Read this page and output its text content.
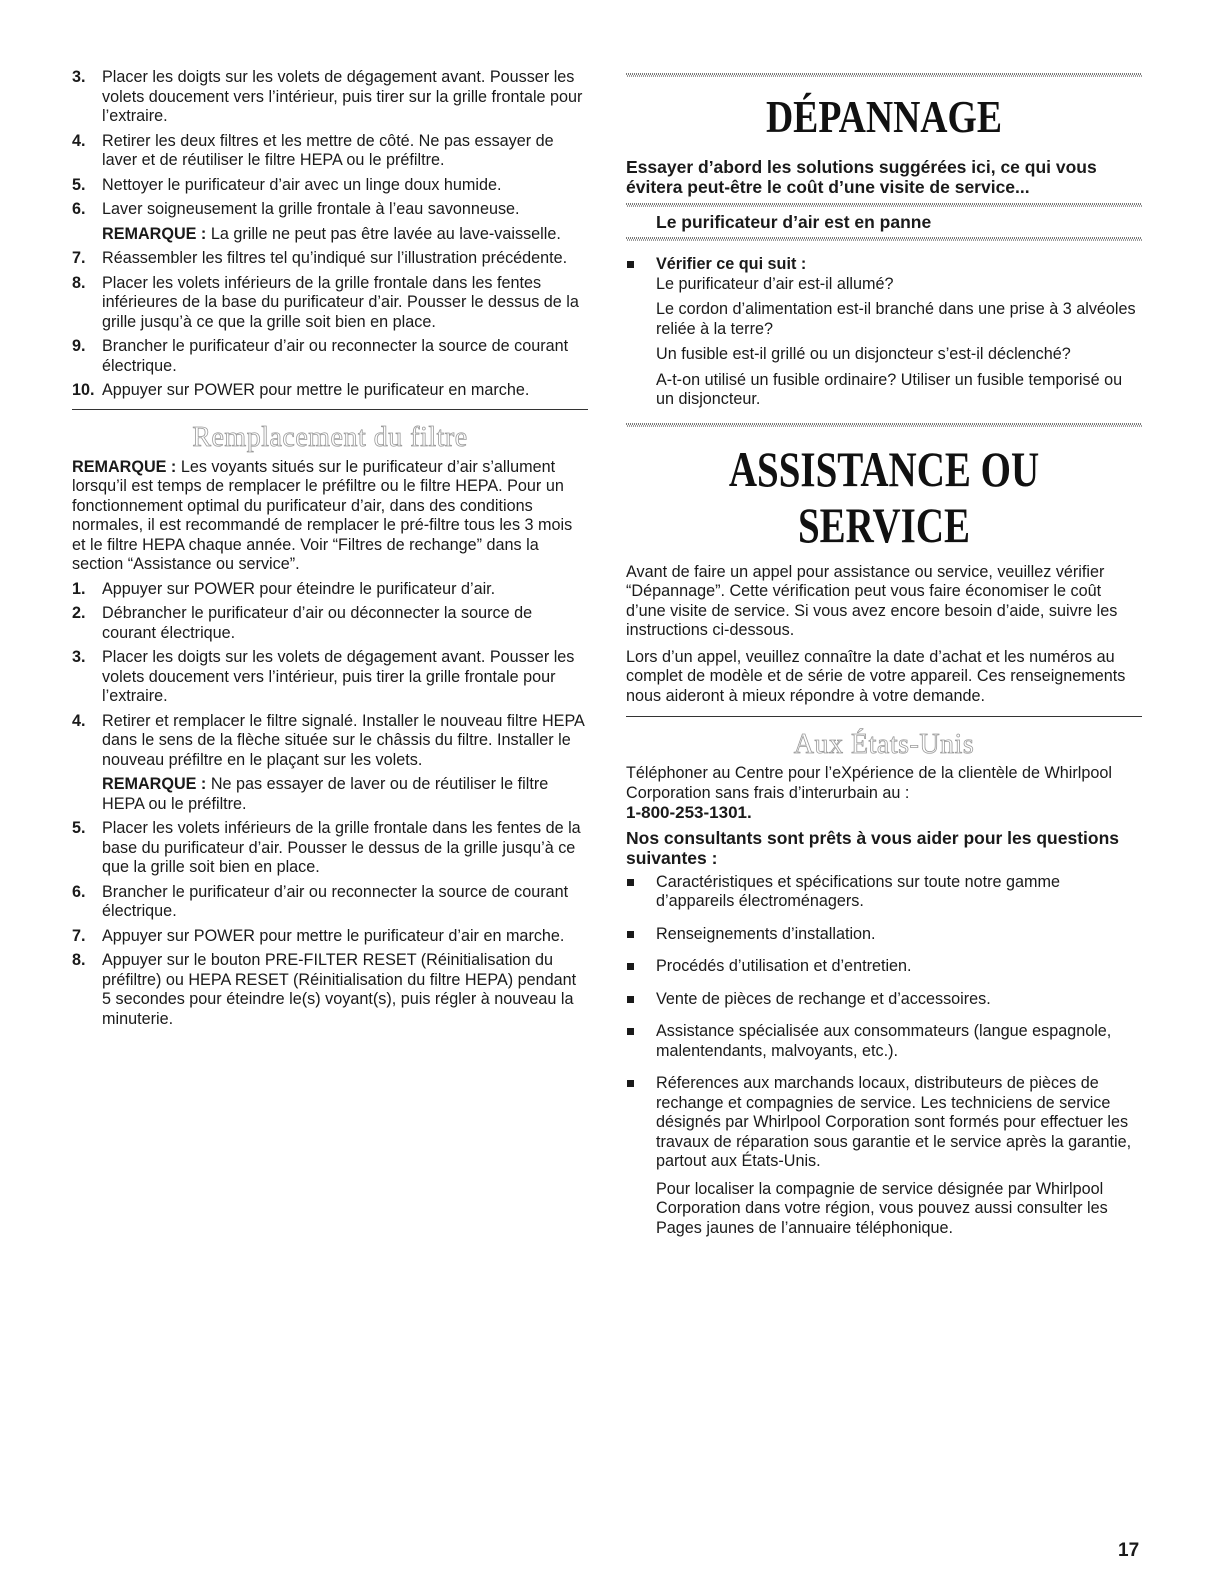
3. Placer les doigts sur les volets de dégagement avant. Pousser les volets doucement vers l’intérieur, puis tirer sur la grille frontale pour l’extraire.
4. Retirer les deux filtres et les mettre de côté. Ne pas essayer de laver et de réutiliser le filtre HEPA ou le préfiltre.
5. Nettoyer le purificateur d’air avec un linge doux humide.
6. Laver soigneusement la grille frontale à l’eau savonneuse.
REMARQUE : La grille ne peut pas être lavée au lave-vaisselle.
7. Réassembler les filtres tel qu’indiqué sur l’illustration précédente.
8. Placer les volets inférieurs de la grille frontale dans les fentes inférieures de la base du purificateur d’air. Pousser le dessus de la grille jusqu’à ce que la grille soit bien en place.
9. Brancher le purificateur d’air ou reconnecter la source de courant électrique.
10. Appuyer sur POWER pour mettre le purificateur en marche.
Remplacement du filtre
REMARQUE : Les voyants situés sur le purificateur d’air s’allument lorsqu’il est temps de remplacer le préfiltre ou le filtre HEPA. Pour un fonctionnement optimal du purificateur d’air, dans des conditions normales, il est recommandé de remplacer le pré-filtre tous les 3 mois et le filtre HEPA chaque année. Voir “Filtres de rechange” dans la section “Assistance ou service”.
1. Appuyer sur POWER pour éteindre le purificateur d’air.
2. Débrancher le purificateur d’air ou déconnecter la source de courant électrique.
3. Placer les doigts sur les volets de dégagement avant. Pousser les volets doucement vers l’intérieur, puis tirer la grille frontale pour l’extraire.
4. Retirer et remplacer le filtre signalé. Installer le nouveau filtre HEPA dans le sens de la flèche située sur le châssis du filtre. Installer le nouveau préfiltre en le plaçant sur les volets.
REMARQUE : Ne pas essayer de laver ou de réutiliser le filtre HEPA ou le préfiltre.
5. Placer les volets inférieurs de la grille frontale dans les fentes de la base du purificateur d’air. Pousser le dessus de la grille jusqu’à ce que la grille soit bien en place.
6. Brancher le purificateur d’air ou reconnecter la source de courant électrique.
7. Appuyer sur POWER pour mettre le purificateur d’air en marche.
8. Appuyer sur le bouton PRE-FILTER RESET (Réinitialisation du préfiltre) ou HEPA RESET (Réinitialisation du filtre HEPA) pendant 5 secondes pour éteindre le(s) voyant(s), puis régler à nouveau la minuterie.
DÉPANNAGE
Essayer d’abord les solutions suggérées ici, ce qui vous évitera peut-être le coût d’une visite de service...
Le purificateur d’air est en panne

Vérifier ce qui suit :

Le purificateur d’air est-il allumé?

Le cordon d’alimentation est-il branché dans une prise à 3 alvéoles reliée à la terre?

Un fusible est-il grillé ou un disjoncteur s’est-il déclenché?

A-t-on utilisé un fusible ordinaire? Utiliser un fusible temporisé ou un disjoncteur.

ASSISTANCE OU SERVICE
Avant de faire un appel pour assistance ou service, veuillez vérifier “Dépannage”. Cette vérification peut vous faire économiser le coût d’une visite de service. Si vous avez encore besoin d’aide, suivre les instructions ci-dessous.
Lors d’un appel, veuillez connaître la date d’achat et les numéros au complet de modèle et de série de votre appareil. Ces renseignements nous aideront à mieux répondre à votre demande.
Aux États-Unis
Téléphoner au Centre pour l’eXpérience de la clientèle de Whirlpool Corporation sans frais d’interurbain au :
1-800-253-1301.
Nos consultants sont prêts à vous aider pour les questions suivantes :
Caractéristiques et spécifications sur toute notre gamme d’appareils électroménagers.
Renseignements d’installation.
Procédés d’utilisation et d’entretien.
Vente de pièces de rechange et d’accessoires.
Assistance spécialisée aux consommateurs (langue espagnole, malentendants, malvoyants, etc.).
Réferences aux marchands locaux, distributeurs de pièces de rechange et compagnies de service. Les techniciens de service désignés par Whirlpool Corporation sont formés pour effectuer les travaux de réparation sous garantie et le service après la garantie, partout aux États-Unis.
Pour localiser la compagnie de service désignée par Whirlpool Corporation dans votre région, vous pouvez aussi consulter les Pages jaunes de l’annuaire téléphonique.
17
